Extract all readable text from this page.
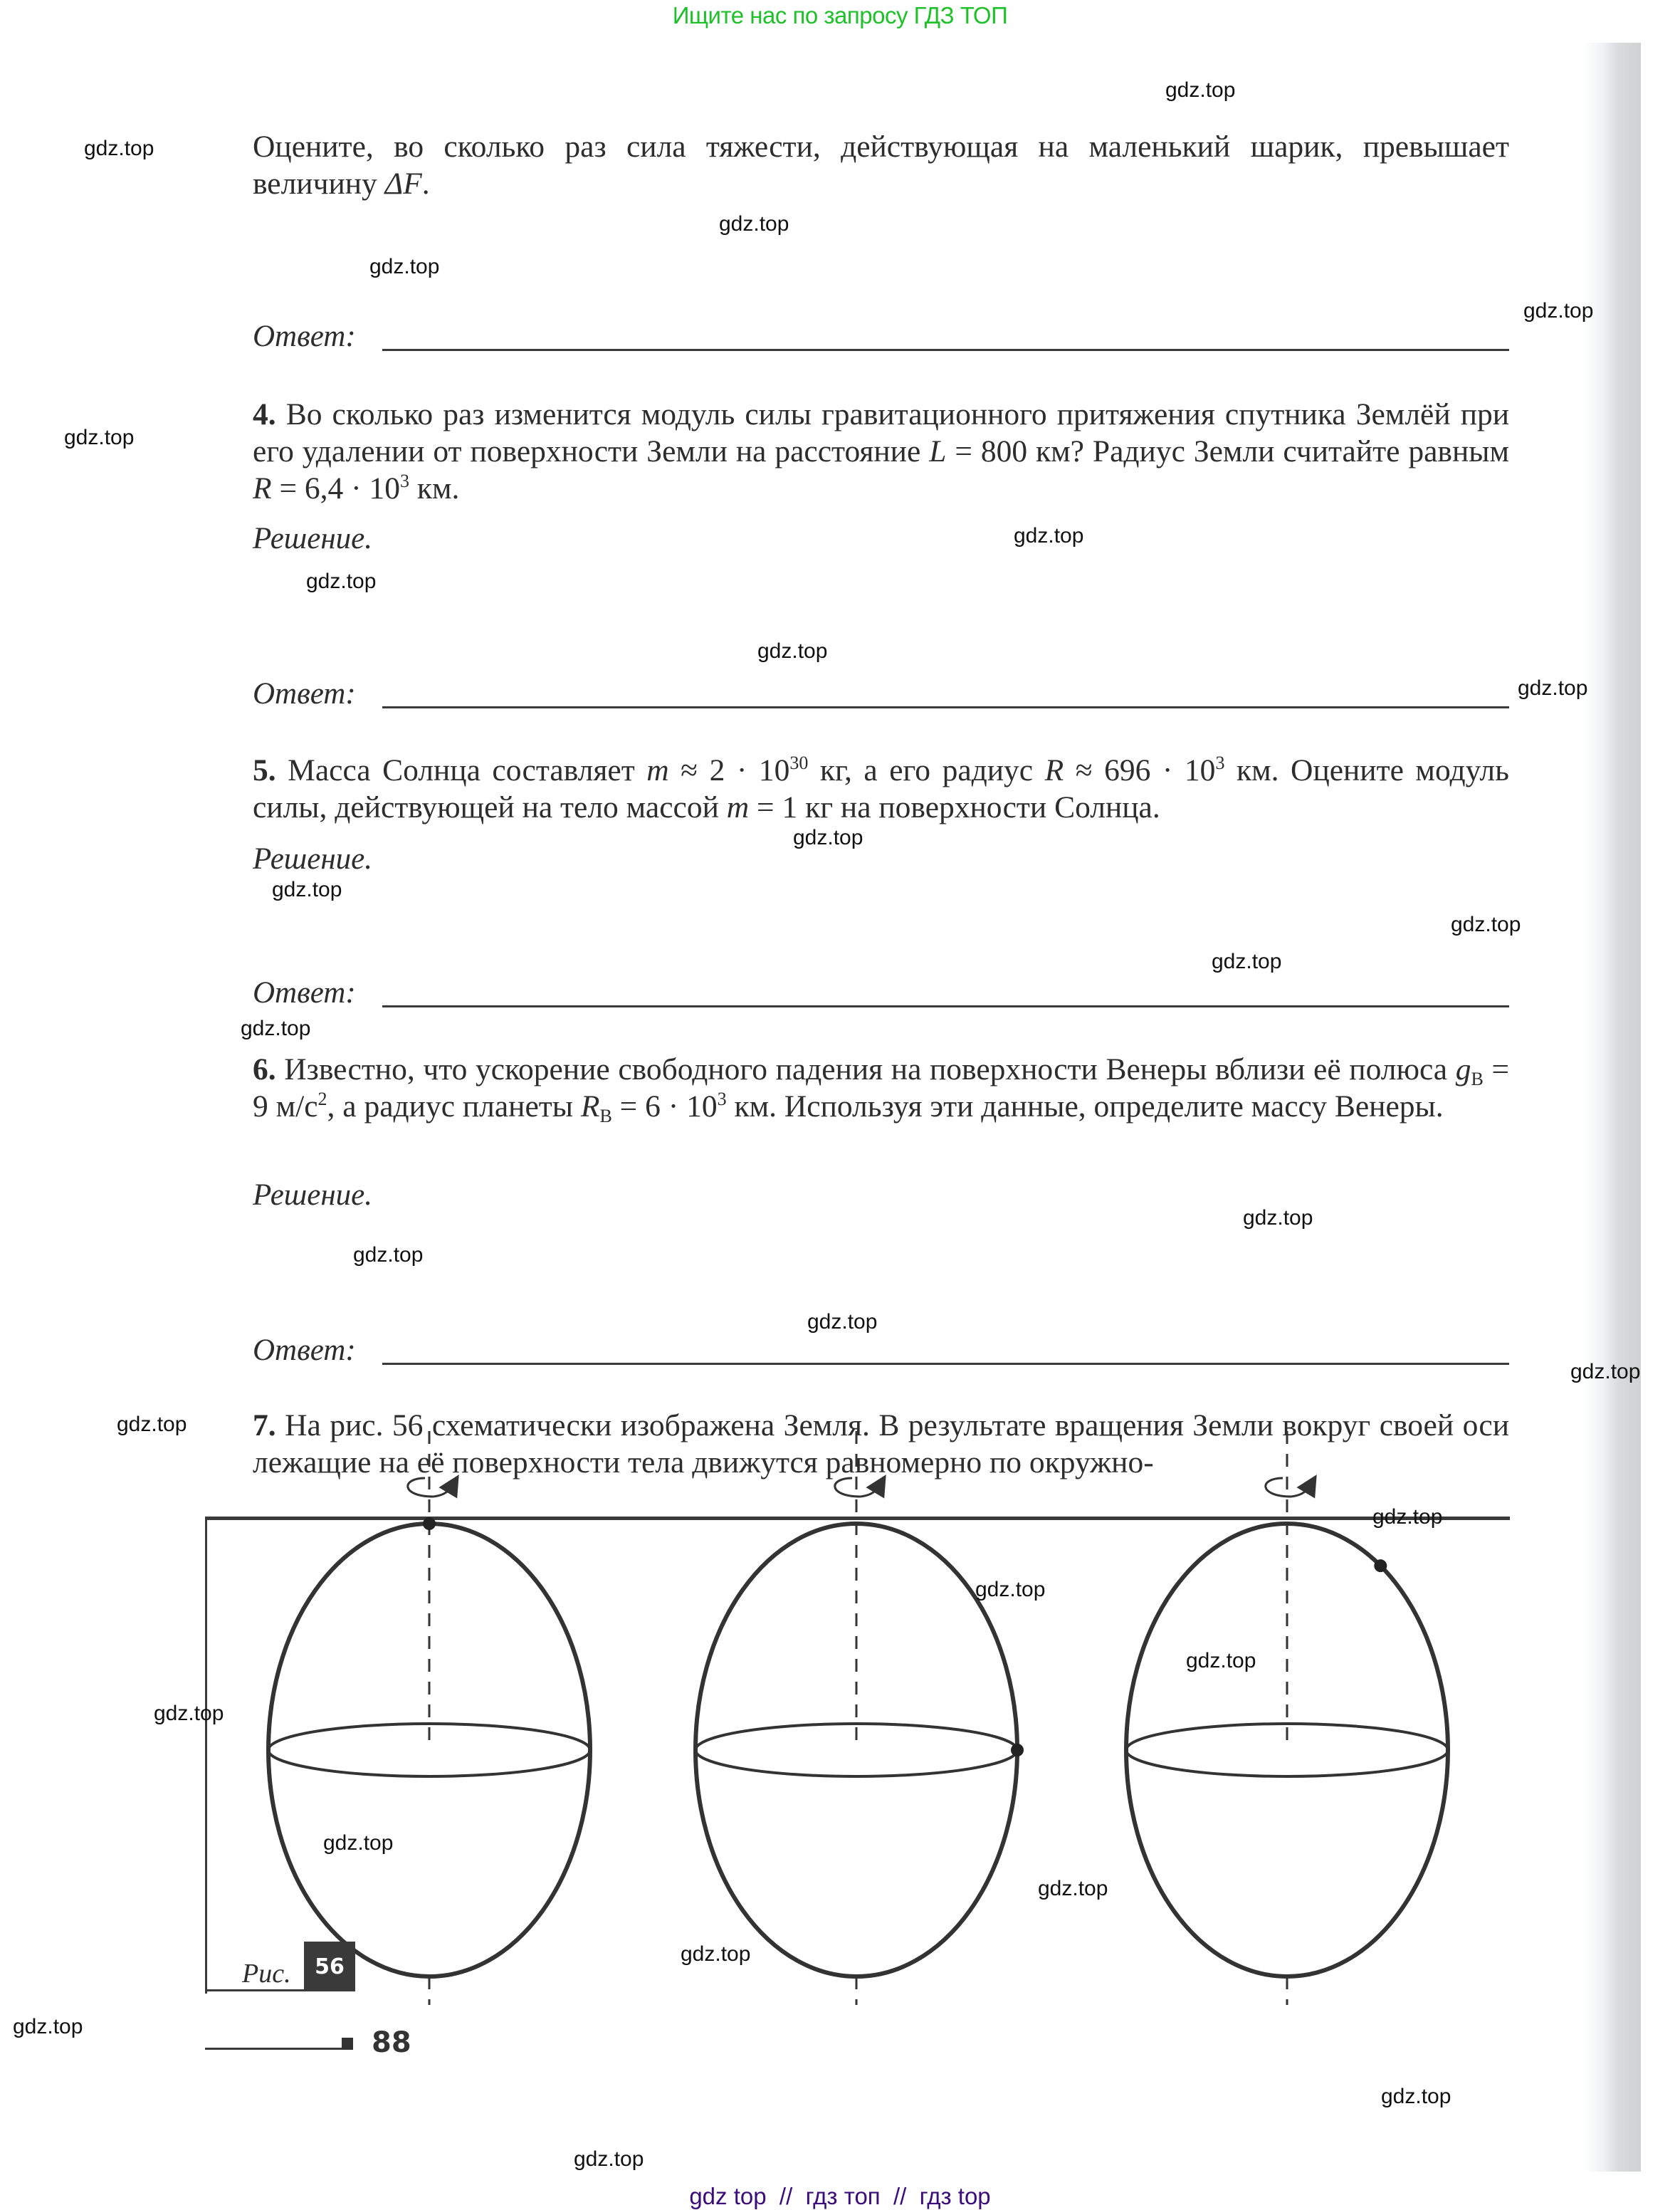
Ищите нас по запросу ГДЗ ТОП
Оцените, во сколько раз сила тяжести, действующая на маленький шарик, превышает величину ΔF.
Ответ:
4. Во сколько раз изменится модуль силы гравитационного притяжения спутника Землёй при его удалении от поверхности Земли на расстояние L = 800 км? Радиус Земли считайте равным $R = 6,4 \cdot 10^3$ км.
Решение.
Ответ:
5. Масса Солнца составляет $m \approx 2 \cdot 10^{30}$ кг, а его радиус $R \approx 696 \cdot 10^3$ км. Оцените модуль силы, действующей на тело массой m = 1 кг на поверхности Солнца.
Решение.
Ответ:
6. Известно, что ускорение свободного падения на поверхности Венеры вблизи её полюса $g_В = 9$ $м/с^2$, а радиус планеты $R_В = 6 \cdot 10^3$ км. Используя эти данные, определите массу Венеры.
Решение.
Ответ:
7. На рис. 56 схематически изображена Земля. В результате вращения Земли вокруг своей оси лежащие на её поверхности тела движутся равномерно по окружно-
Рис.	56
88
gdz.top
gdz.top
gdz.top
gdz.top
gdz.top
gdz.top
gdz.top
gdz.top
gdz.top
gdz.top
gdz.top
gdz.top
gdz.top
gdz.top
gdz.top
gdz.top
gdz.top
gdz.top
gdz.top
gdz.top
gdz.top
gdz.top
gdz.top
gdz.top
gdz.top
gdz.top
gdz.top
gdz.top
gdz.top
gdz.top
gdz top  //  гдз топ  //  гдз top
